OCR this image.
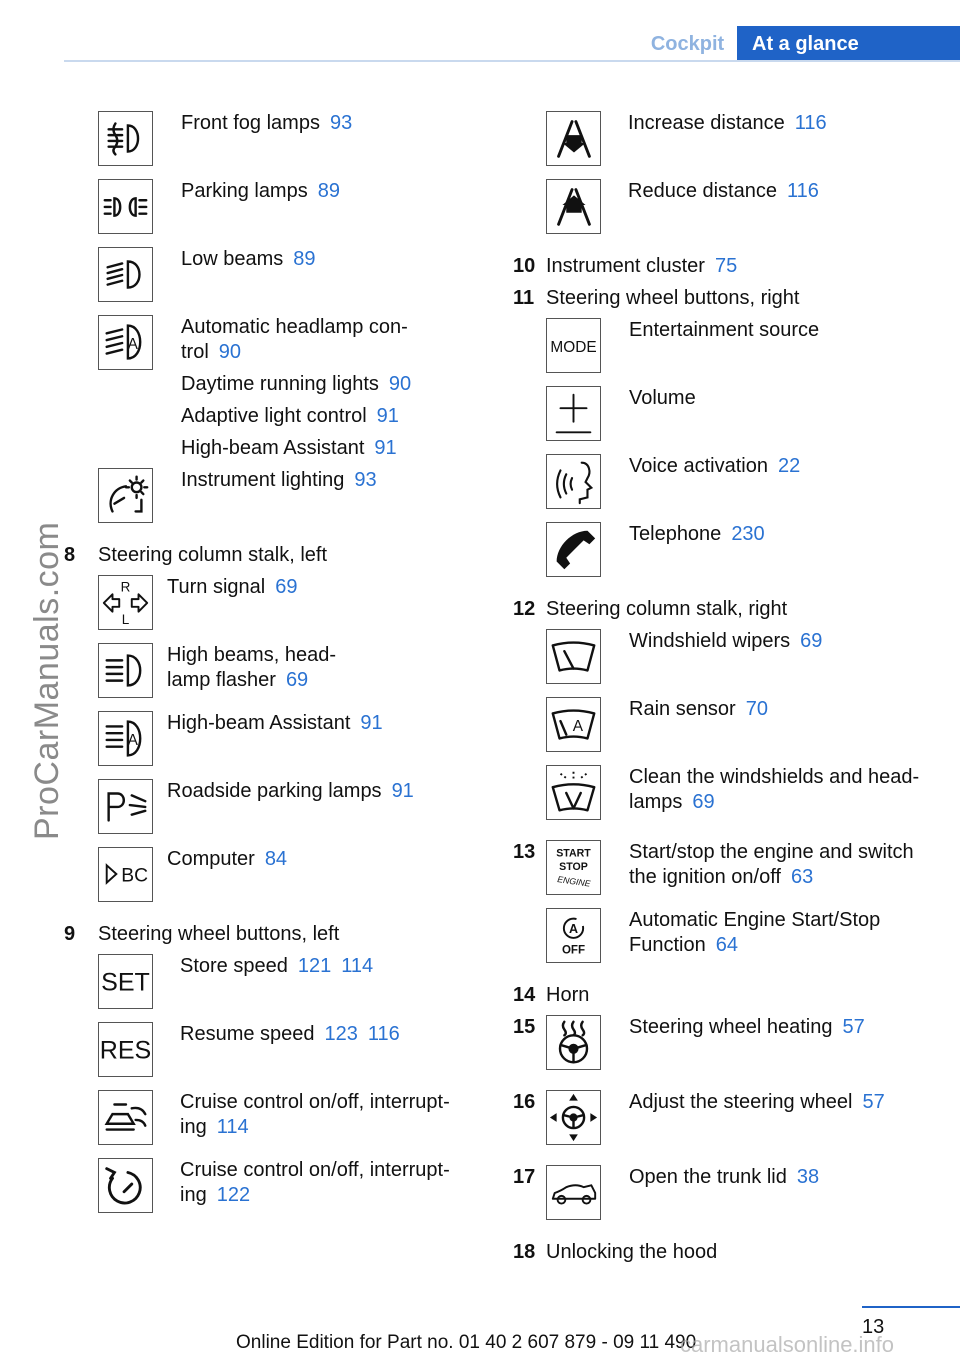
Cockpit	At a glance
Front fog lamps 93
Parking lamps 89
Low beams 89
A
Automatic headlamp con-
trol 90
Daytime running lights 90
Adaptive light control 91
High-beam Assistant 91
Instrument lighting 93
8 Steering column stalk, left
R
L
Turn signal 69
High beams, head-
lamp flasher 69
A
High-beam Assistant 91
Roadside parking lamps 91
BC
Computer 84
9 Steering wheel buttons, left
SET
Store speed 121 114
RES
Resume speed 123 116
Cruise control on/off, interrupt-
ing 114
Cruise control on/off, interrupt-
ing 122
Increase distance 116
Reduce distance 116
10 Instrument cluster 75
11 Steering wheel buttons, right
MODE
Entertainment source
Volume
Voice activation 22
Telephone 230
12 Steering column stalk, right
Windshield wipers 69
A
Rain sensor 70
Clean the windshields and head-
lamps 69
13 START
STOP
ENGINE
Start/stop the engine and switch
the ignition on/off 63
A
OFF
Automatic Engine Start/Stop
Function 64
14 Horn
15	Steering wheel heating 57
16	Adjust the steering wheel 57
17	Open the trunk lid 38
18 Unlocking the hood
ProCarManuals.com
13
Online Edition for Part no. 01 40 2 607 879 - 09 11 490
carmanualsonline.info
